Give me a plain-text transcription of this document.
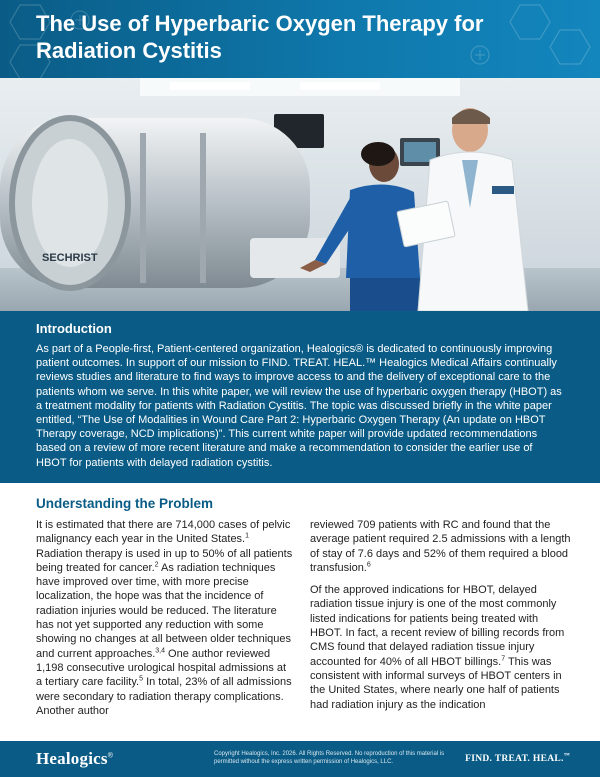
The Use of Hyperbaric Oxygen Therapy for Radiation Cystitis
SECHRIST
Introduction

As part of a People-first, Patient-centered organization, Healogics® is dedicated to continuously improving patient outcomes. In support of our mission to FIND. TREAT. HEAL.™ Healogics Medical Affairs continually reviews studies and literature to find ways to improve access to and the delivery of exceptional care to the patients whom we serve. In this white paper, we will review the use of hyperbaric oxygen therapy (HBOT) as a treatment modality for patients with Radiation Cystitis. The topic was discussed briefly in the white paper entitled, “The Use of Modalities in Wound Care Part 2: Hyperbaric Oxygen Therapy (An update on HBOT Therapy coverage, NCD implications)”. This current white paper will provide updated recommendations based on a review of more recent literature and make a recommendation to consider the earlier use of HBOT for patients with delayed radiation cystitis.

Understanding the Problem

It is estimated that there are 714,000 cases of pelvic malignancy each year in the United States.$^1$ Radiation therapy is used in up to 50% of all patients being treated for cancer.$^2$ As radiation techniques have improved over time, with more precise localization, the hope was that the incidence of radiation injuries would be reduced. The literature has not yet supported any reduction with some showing no changes at all between older techniques and current approaches.$^{3,4}$ One author reviewed 1,198 consecutive urological hospital admissions at a tertiary care facility.$^5$ In total, 23% of all admissions were secondary to radiation therapy complications. Another author

reviewed 709 patients with RC and found that the average patient required 2.5 admissions with a length of stay of 7.6 days and 52% of them required a blood transfusion.$^6$

Of the approved indications for HBOT, delayed radiation tissue injury is one of the most commonly listed indications for patients being treated with HBOT. In fact, a recent review of billing records from CMS found that delayed radiation tissue injury accounted for 40% of all HBOT billings.$^7$ This was consistent with informal surveys of HBOT centers in the United States, where nearly one half of patients had radiation injury as the indication

Healogics®	Copyright Healogics, Inc. 2026. All Rights Reserved. No reproduction of this material is permitted without the express written permission of Healogics, LLC.	FIND. TREAT. HEAL.™
